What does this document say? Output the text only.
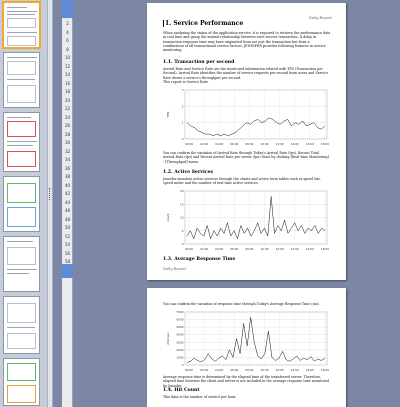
2
4
6
8
10
12
14
16
18
20
22
24
26
28
30
32
34
36
38
40
42
44
46
48
50
52
54
56
58
Daily Report
1. Service Performance
When analyzing the status of the application service, it is required to retrieve the performance data in real time and grasp the mutual relationship between each service transaction. A delay in transaction response time may have originated from not just the transaction but from a combination of all transactional service factors. JENNIFER provides following features in service monitoring.
1.1. Transaction per second
Arrival Rate and Service Rate are the monitored information related with TPS (Transaction per Second). Arrival Rate identifies the number of service requests per second from users and Service Rate shows a service's throughput per second.
This report is Service Rate.
0
1
2
3
00:00	02:00	04:00	06:00	08:00	10:00	12:00	14:00	16:00	18:00
TPS
You can confirm the variation of Arrival Rate through Today's Arrival Rate (tps), Recent Total Arrival Rate (tps) and Recent Arrival Rate per server (tps) chart by clicking [Real-time Monitoring] - [Throughput] menu.
1.2. Active Services
Jennifer monitors active services through the charts and active term tables such as speed bar, speed meter and the number of real-time active services.
0
5
10
15
20
00:00	02:00	04:00	06:00	08:00	10:00	12:00	14:00	16:00	18:00
count
1.3. Average Response Time
Daily Report
You can confirm the variation of response time through Today's Average Response Time (ms).
0
1000
2000
3000
4000
5000
6000
7000
00:00	02:00	04:00	06:00	08:00	10:00	12:00	14:00	16:00	18:00
milli sec
Average response time is determined by the elapsed time of the transferred server. Therefore, elapsed time between the client and server is not included in the average response time monitored by Jennifer.
1.4. Hit Count
This data is the number of service per hour.
